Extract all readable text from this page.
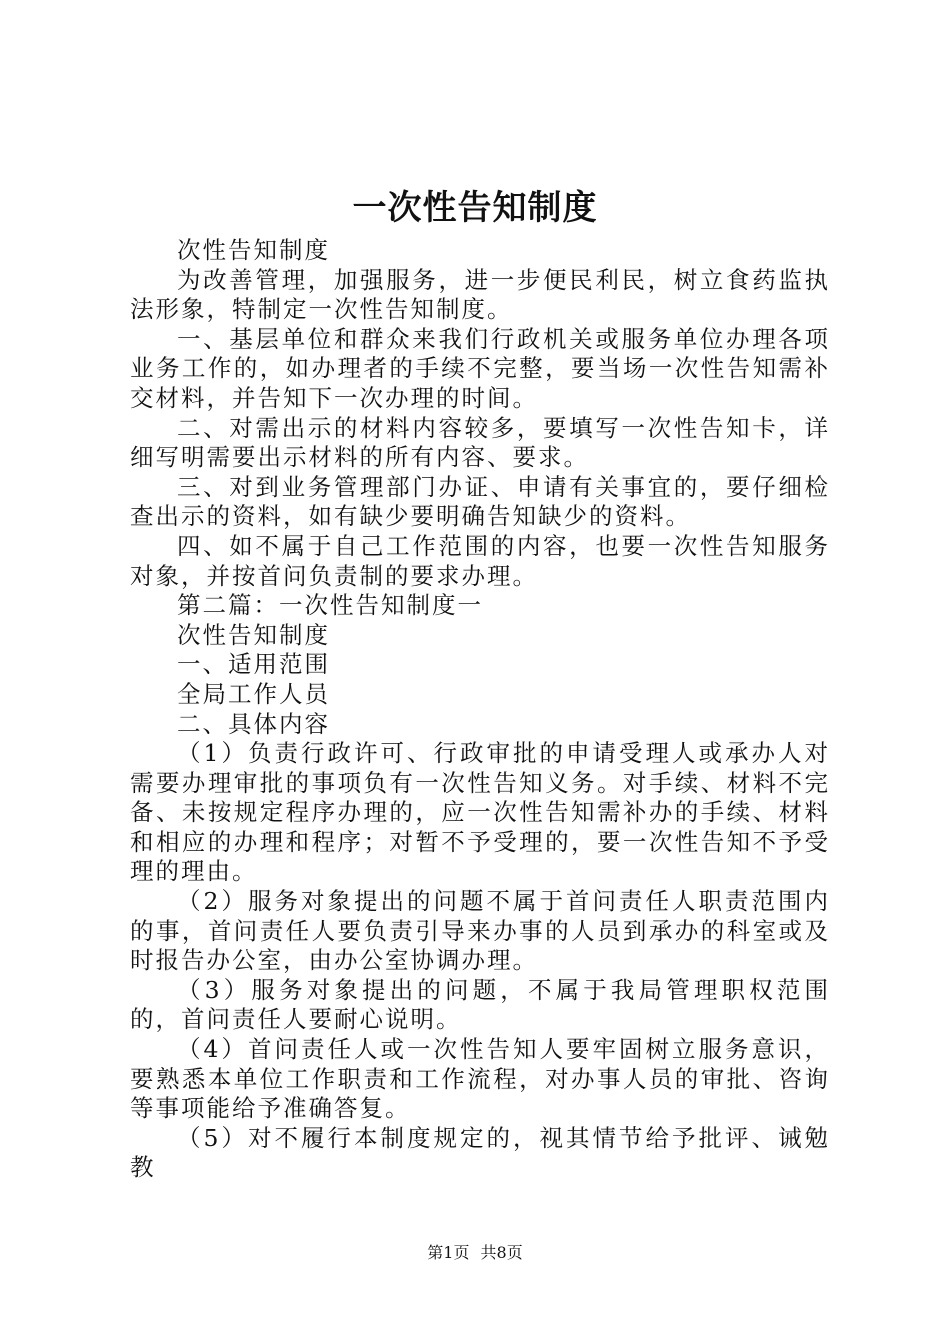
一次性告知制度

次性告知制度

为改善管理，加强服务，进一步便民利民，树立食药监执法形象，特制定一次性告知制度。

一、基层单位和群众来我们行政机关或服务单位办理各项业务工作的，如办理者的手续不完整，要当场一次性告知需补交材料，并告知下一次办理的时间。

二、对需出示的材料内容较多，要填写一次性告知卡，详细写明需要出示材料的所有内容、要求。

三、对到业务管理部门办证、申请有关事宜的，要仔细检查出示的资料，如有缺少要明确告知缺少的资料。

四、如不属于自己工作范围的内容，也要一次性告知服务对象，并按首问负责制的要求办理。

第二篇：一次性告知制度一

次性告知制度

一、适用范围

全局工作人员

二、具体内容

（1）负责行政许可、行政审批的申请受理人或承办人对需要办理审批的事项负有一次性告知义务。对手续、材料不完备、未按规定程序办理的，应一次性告知需补办的手续、材料和相应的办理和程序；对暂不予受理的，要一次性告知不予受理的理由。

（2）服务对象提出的问题不属于首问责任人职责范围内的事，首问责任人要负责引导来办事的人员到承办的科室或及时报告办公室，由办公室协调办理。

（3）服务对象提出的问题，不属于我局管理职权范围的，首问责任人要耐心说明。

（4）首问责任人或一次性告知人要牢固树立服务意识，要熟悉本单位工作职责和工作流程，对办事人员的审批、咨询等事项能给予准确答复。

（5）对不履行本制度规定的，视其情节给予批评、诫勉教

第1页 共8页
